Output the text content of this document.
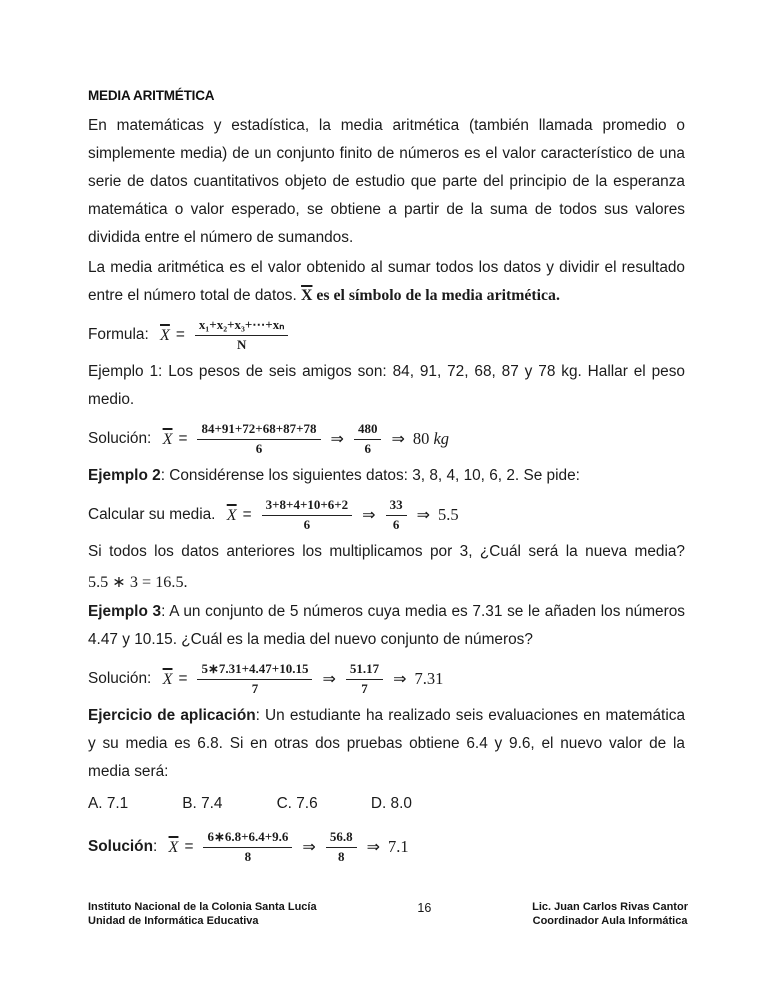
MEDIA ARITMÉTICA

En matemáticas y estadística, la media aritmética (también llamada promedio o simplemente media) de un conjunto finito de números es el valor característico de una serie de datos cuantitativos objeto de estudio que parte del principio de la esperanza matemática o valor esperado, se obtiene a partir de la suma de todos sus valores dividida entre el número de sumandos.

La media aritmética es el valor obtenido al sumar todos los datos y dividir el resultado entre el número total de datos. $\overline{X}$ es el símbolo de la media aritmética.

Formula: $\overline{X} = \frac{\text{x₁+x₂+x₃+⋯+xₙ}}{N}$

Ejemplo 1: Los pesos de seis amigos son: 84, 91, 72, 68, 87 y 78 kg. Hallar el peso medio.

Solución: $\overline{X} = \frac{84+91+72+68+87+78}{6}$ ⇒ $\frac{480}{6}$ ⇒ 80 kg

Ejemplo 2: Considérense los siguientes datos: 3, 8, 4, 10, 6, 2. Se pide:

Calcular su media. $\overline{X} = \frac{3+8+4+10+6+2}{6}$ ⇒ $\frac{33}{6}$ ⇒ 5.5

Si todos los datos anteriores los multiplicamos por 3, ¿Cuál será la nueva media?

5.5 ∗ 3 = 16.5.

Ejemplo 3: A un conjunto de 5 números cuya media es 7.31 se le añaden los números 4.47 y 10.15. ¿Cuál es la media del nuevo conjunto de números?

Solución: $\overline{X} = \frac{5∗7.31+4.47+10.15}{7}$ ⇒ $\frac{51.17}{7}$ ⇒ 7.31

Ejercicio de aplicación: Un estudiante ha realizado seis evaluaciones en matemática y su media es 6.8. Si en otras dos pruebas obtiene 6.4 y 9.6, el nuevo valor de la media será:

A. 7.1	B. 7.4	C. 7.6	D. 8.0
Solución: $\overline{X} = \frac{6∗6.8+6.4+9.6}{8}$ ⇒ $\frac{56.8}{8}$ ⇒ 7.1
Instituto Nacional de la Colonia Santa Lucía
Unidad de Informática Educativa
16	Lic. Juan Carlos Rivas Cantor
Coordinador Aula Informática
